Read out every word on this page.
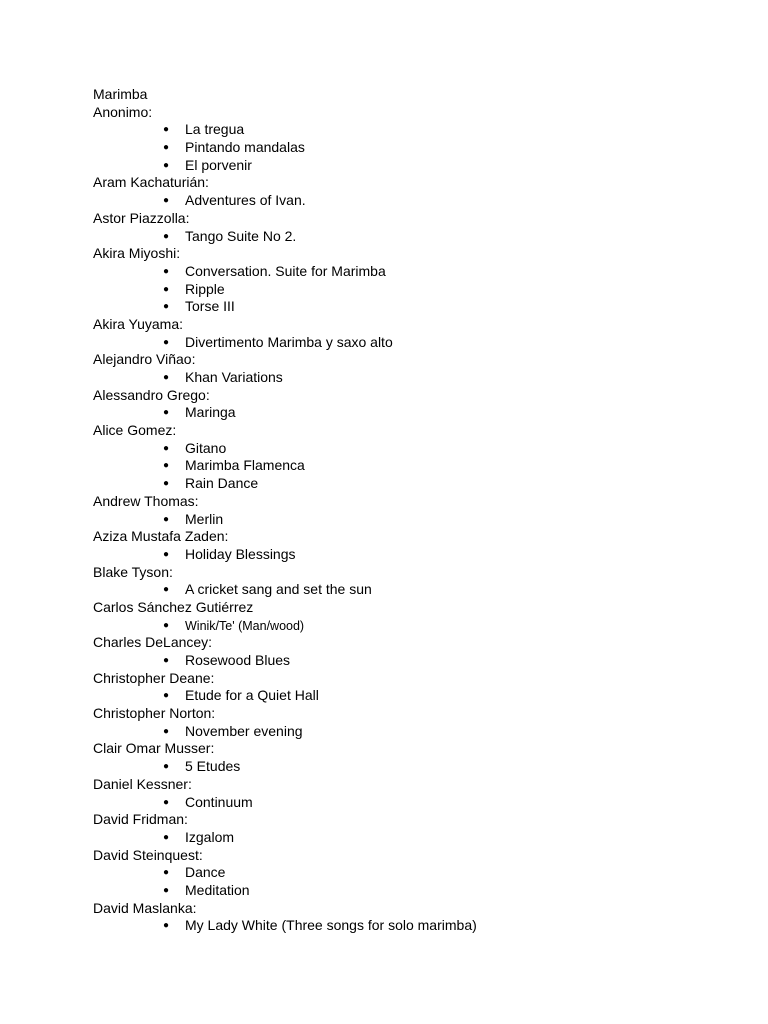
Marimba
Anonimo:
● La tregua
● Pintando mandalas
● El porvenir
Aram Kachaturián:
● Adventures of Ivan.
Astor Piazzolla:
● Tango Suite No 2.
Akira Miyoshi:
● Conversation. Suite for Marimba
● Ripple
● Torse III
Akira Yuyama:
● Divertimento Marimba y saxo alto
Alejandro Viñao:
● Khan Variations
Alessandro Grego:
● Maringa
Alice Gomez:
● Gitano
● Marimba Flamenca
● Rain Dance
Andrew Thomas:
● Merlin
Aziza Mustafa Zaden:
● Holiday Blessings
Blake Tyson:
● A cricket sang and set the sun
Carlos Sánchez Gutiérrez
● Winik/Te' (Man/wood)
Charles DeLancey:
● Rosewood Blues
Christopher Deane:
● Etude for a Quiet Hall
Christopher Norton:
● November evening
Clair Omar Musser:
● 5 Etudes
Daniel Kessner:
● Continuum
David Fridman:
● Izgalom
David Steinquest:
● Dance
● Meditation
David Maslanka:
● My Lady White (Three songs for solo marimba)
